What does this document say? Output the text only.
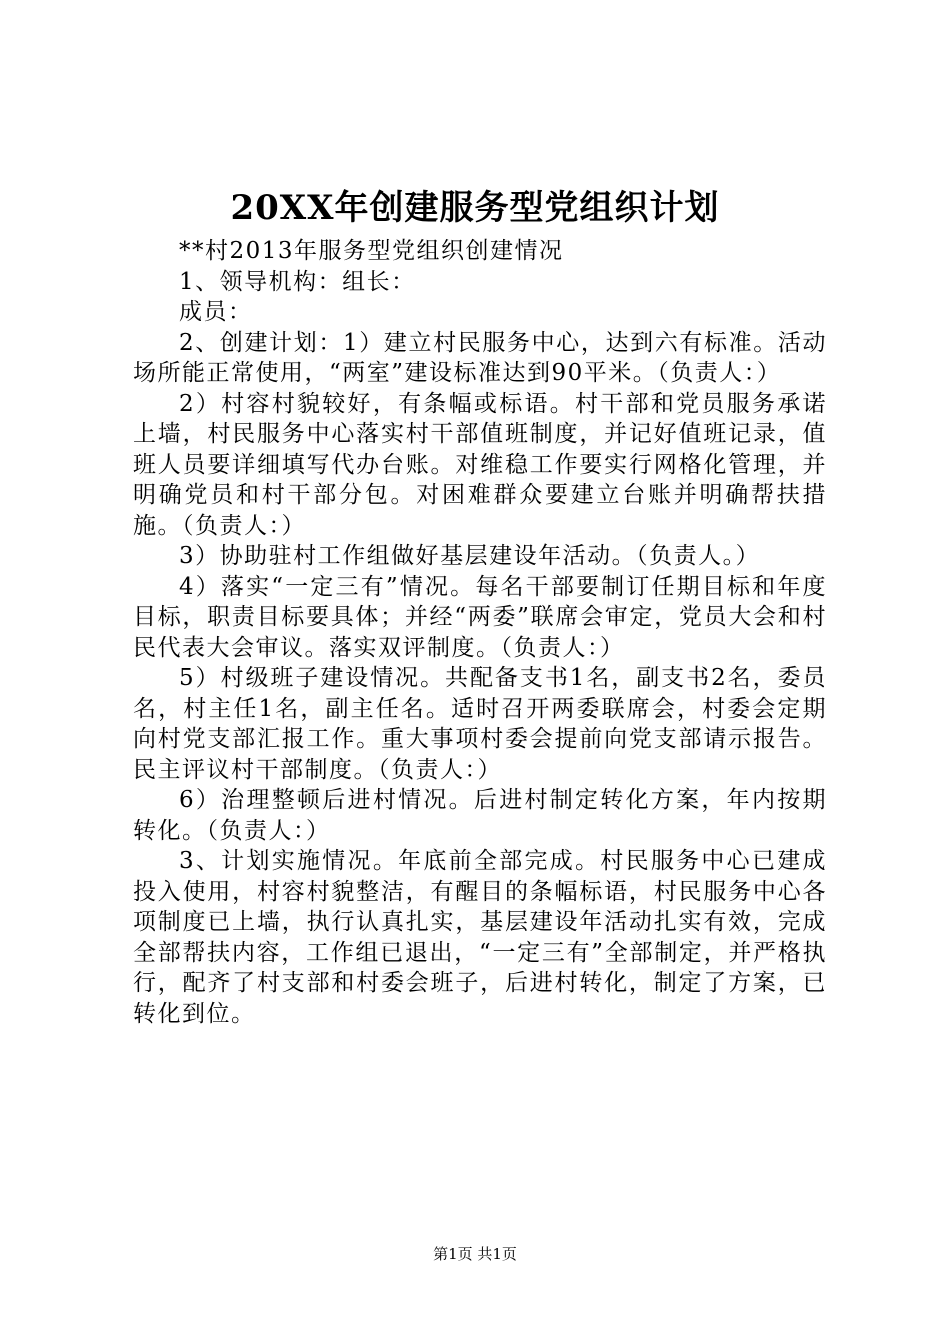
20XX年创建服务型党组织计划

**村2013年服务型党组织创建情况

1、领导机构：组长：

成员：

2、创建计划：1）建立村民服务中心，达到六有标准。活动场所能正常使用，“两室”建设标准达到90平米。（负责人：）

2）村容村貌较好，有条幅或标语。村干部和党员服务承诺上墙，村民服务中心落实村干部值班制度，并记好值班记录，值班人员要详细填写代办台账。对维稳工作要实行网格化管理，并明确党员和村干部分包。对困难群众要建立台账并明确帮扶措施。（负责人：）

3）协助驻村工作组做好基层建设年活动。（负责人。）

4）落实“一定三有”情况。每名干部要制订任期目标和年度目标，职责目标要具体；并经“两委”联席会审定，党员大会和村民代表大会审议。落实双评制度。（负责人：）

5）村级班子建设情况。共配备支书1名，副支书2名，委员名，村主任1名，副主任名。适时召开两委联席会，村委会定期向村党支部汇报工作。重大事项村委会提前向党支部请示报告。民主评议村干部制度。（负责人：）

6）治理整顿后进村情况。后进村制定转化方案，年内按期转化。（负责人：）

3、计划实施情况。年底前全部完成。村民服务中心已建成投入使用，村容村貌整洁，有醒目的条幅标语，村民服务中心各项制度已上墙，执行认真扎实，基层建设年活动扎实有效，完成全部帮扶内容，工作组已退出，“一定三有”全部制定，并严格执行，配齐了村支部和村委会班子，后进村转化，制定了方案，已转化到位。

第1页 共1页
